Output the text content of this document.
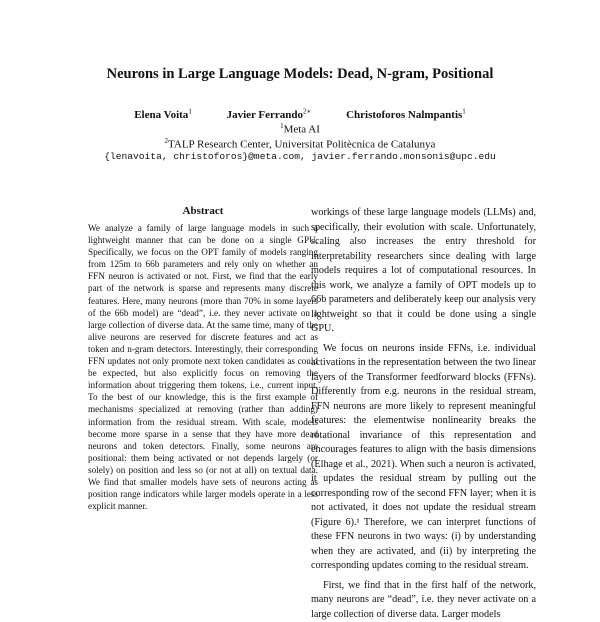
Neurons in Large Language Models: Dead, N-gram, Positional
Elena Voita$^1$	Javier Ferrando$^{2∗}$	Christoforos Nalmpantis$^1$
$^1$Meta AI
$^2$TALP Research Center, Universitat Politècnica de Catalunya
{lenavoita, christoforos}@meta.com, javier.ferrando.monsonis@upc.edu
Abstract
We analyze a family of large language models in such a lightweight manner that can be done on a single GPU. Specifically, we focus on the OPT family of models ranging from 125m to 66b parameters and rely only on whether an FFN neuron is activated or not. First, we find that the early part of the network is sparse and represents many discrete features. Here, many neurons (more than 70% in some layers of the 66b model) are “dead”, i.e. they never activate on a large collection of diverse data. At the same time, many of the alive neurons are reserved for discrete features and act as token and n-gram detectors. Interestingly, their corresponding FFN updates not only promote next token candidates as could be expected, but also explicitly focus on removing the information about triggering them tokens, i.e., current input. To the best of our knowledge, this is the first example of mechanisms specialized at removing (rather than adding) information from the residual stream. With scale, models become more sparse in a sense that they have more dead neurons and token detectors. Finally, some neurons are positional: them being activated or not depends largely (or solely) on position and less so (or not at all) on textual data. We find that smaller models have sets of neurons acting as position range indicators while larger models operate in a less explicit manner.

workings of these large language models (LLMs) and, specifically, their evolution with scale. Unfortunately, scaling also increases the entry threshold for interpretability researchers since dealing with large models requires a lot of computational resources. In this work, we analyze a family of OPT models up to 66b parameters and deliberately keep our analysis very lightweight so that it could be done using a single GPU.

We focus on neurons inside FFNs, i.e. individual activations in the representation between the two linear layers of the Transformer feedforward blocks (FFNs). Differently from e.g. neurons in the residual stream, FFN neurons are more likely to represent meaningful features: the elementwise nonlinearity breaks the rotational invariance of this representation and encourages features to align with the basis dimensions (Elhage et al., 2021). When such a neuron is activated, it updates the residual stream by pulling out the corresponding row of the second FFN layer; when it is not activated, it does not update the residual stream (Figure 6).¹ Therefore, we can interpret functions of these FFN neurons in two ways: (i) by understanding when they are activated, and (ii) by interpreting the corresponding updates coming to the residual stream.

First, we find that in the first half of the network, many neurons are “dead”, i.e. they never activate on a large collection of diverse data. Larger models
